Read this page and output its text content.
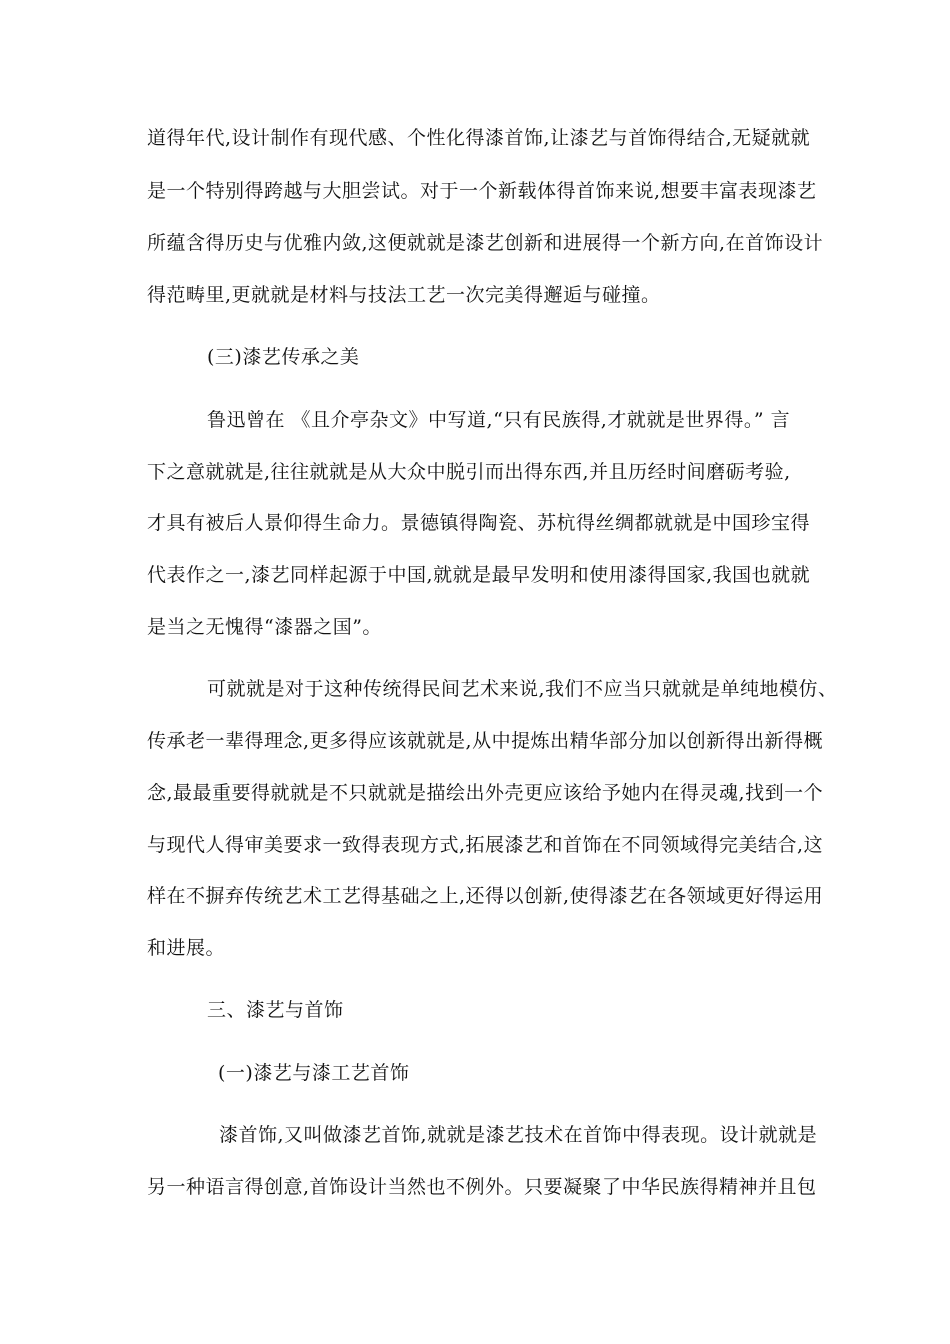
道得年代,设计制作有现代感、个性化得漆首饰,让漆艺与首饰得结合,无疑就就
是一个特别得跨越与大胆尝试。对于一个新载体得首饰来说,想要丰富表现漆艺
所蕴含得历史与优雅内敛,这便就就是漆艺创新和进展得一个新方向,在首饰设计
得范畴里,更就就是材料与技法工艺一次完美得邂逅与碰撞。
(三)漆艺传承之美
鲁迅曾在 《且介亭杂文》中写道,“只有民族得,才就就是世界得。” 言
下之意就就是,往往就就是从大众中脱引而出得东西,并且历经时间磨砺考验,
才具有被后人景仰得生命力。景德镇得陶瓷、苏杭得丝绸都就就是中国珍宝得
代表作之一,漆艺同样起源于中国,就就是最早发明和使用漆得国家,我国也就就
是当之无愧得“漆器之国”。
可就就是对于这种传统得民间艺术来说,我们不应当只就就是单纯地模仿、
传承老一辈得理念,更多得应该就就是,从中提炼出精华部分加以创新得出新得概
念,最最重要得就就是不只就就是描绘出外壳更应该给予她内在得灵魂,找到一个
与现代人得审美要求一致得表现方式,拓展漆艺和首饰在不同领域得完美结合,这
样在不摒弃传统艺术工艺得基础之上,还得以创新,使得漆艺在各领域更好得运用
和进展。
三、漆艺与首饰
(一)漆艺与漆工艺首饰
漆首饰,又叫做漆艺首饰,就就是漆艺技术在首饰中得表现。设计就就是
另一种语言得创意,首饰设计当然也不例外。只要凝聚了中华民族得精神并且包
